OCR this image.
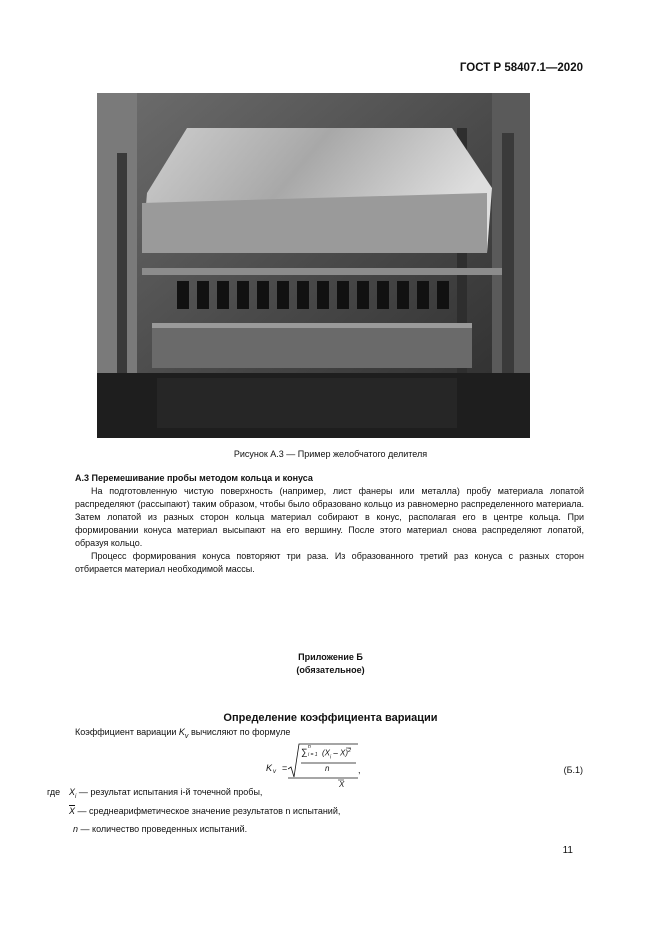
ГОСТ Р 58407.1—2020
Рисунок А.3 — Пример желобчатого делителя
А.3 Перемешивание пробы методом кольца и конуса

На подготовленную чистую поверхность (например, лист фанеры или металла) пробу материала лопатой распределяют (рассыпают) таким образом, чтобы было образовано кольцо из равномерно распределенного материала. Затем лопатой из разных сторон кольца материал собирают в конус, располагая его в центре кольца. При формировании конуса материал высыпают на его вершину. После этого материал снова распределяют лопатой, образуя кольцо.

Процесс формирования конуса повторяют три раза. Из образованного третий раз конуса с разных сторон отбирается материал необходимой массы.

Приложение Б
(обязательное)
Определение коэффициента вариации
Коэффициент вариации $K_v$ вычисляют по формуле
K v =
∑ n
i = 1 $(X_i - X)^2$
n
X
,	(Б.1)
где $X_i$ — результат испытания i-й точечной пробы,
$\overline{X}$ — среднеарифметическое значение результатов n испытаний,
n — количество проведенных испытаний.
11
